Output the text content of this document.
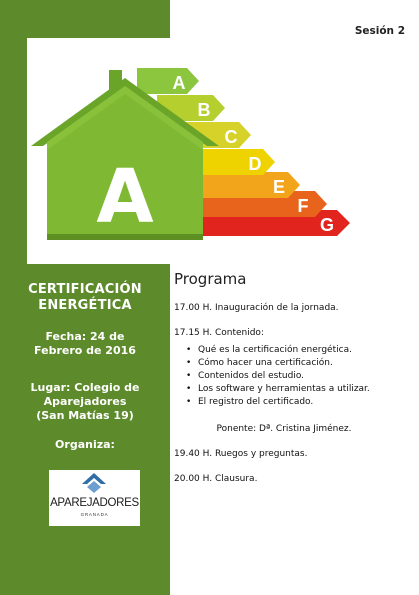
G
F
E
D
C
B
A
A
Sesión 2
CERTIFICACIÓN
ENERGÉTICA
Fecha: 24 de
Febrero de 2016
Lugar: Colegio de
Aparejadores
(San Matías 19)
Organiza:
APAREJADORES
GRANADA
Programa

17.00 H. Inauguración de la jornada.

17.15 H. Contenido:

• Qué es la certificación energética.
• Cómo hacer una certificación.
• Contenidos del estudio.
• Los software y herramientas a utilizar.
• El registro del certificado.

Ponente: Dª. Cristina Jiménez.

19.40 H. Ruegos y preguntas.

20.00 H. Clausura.
